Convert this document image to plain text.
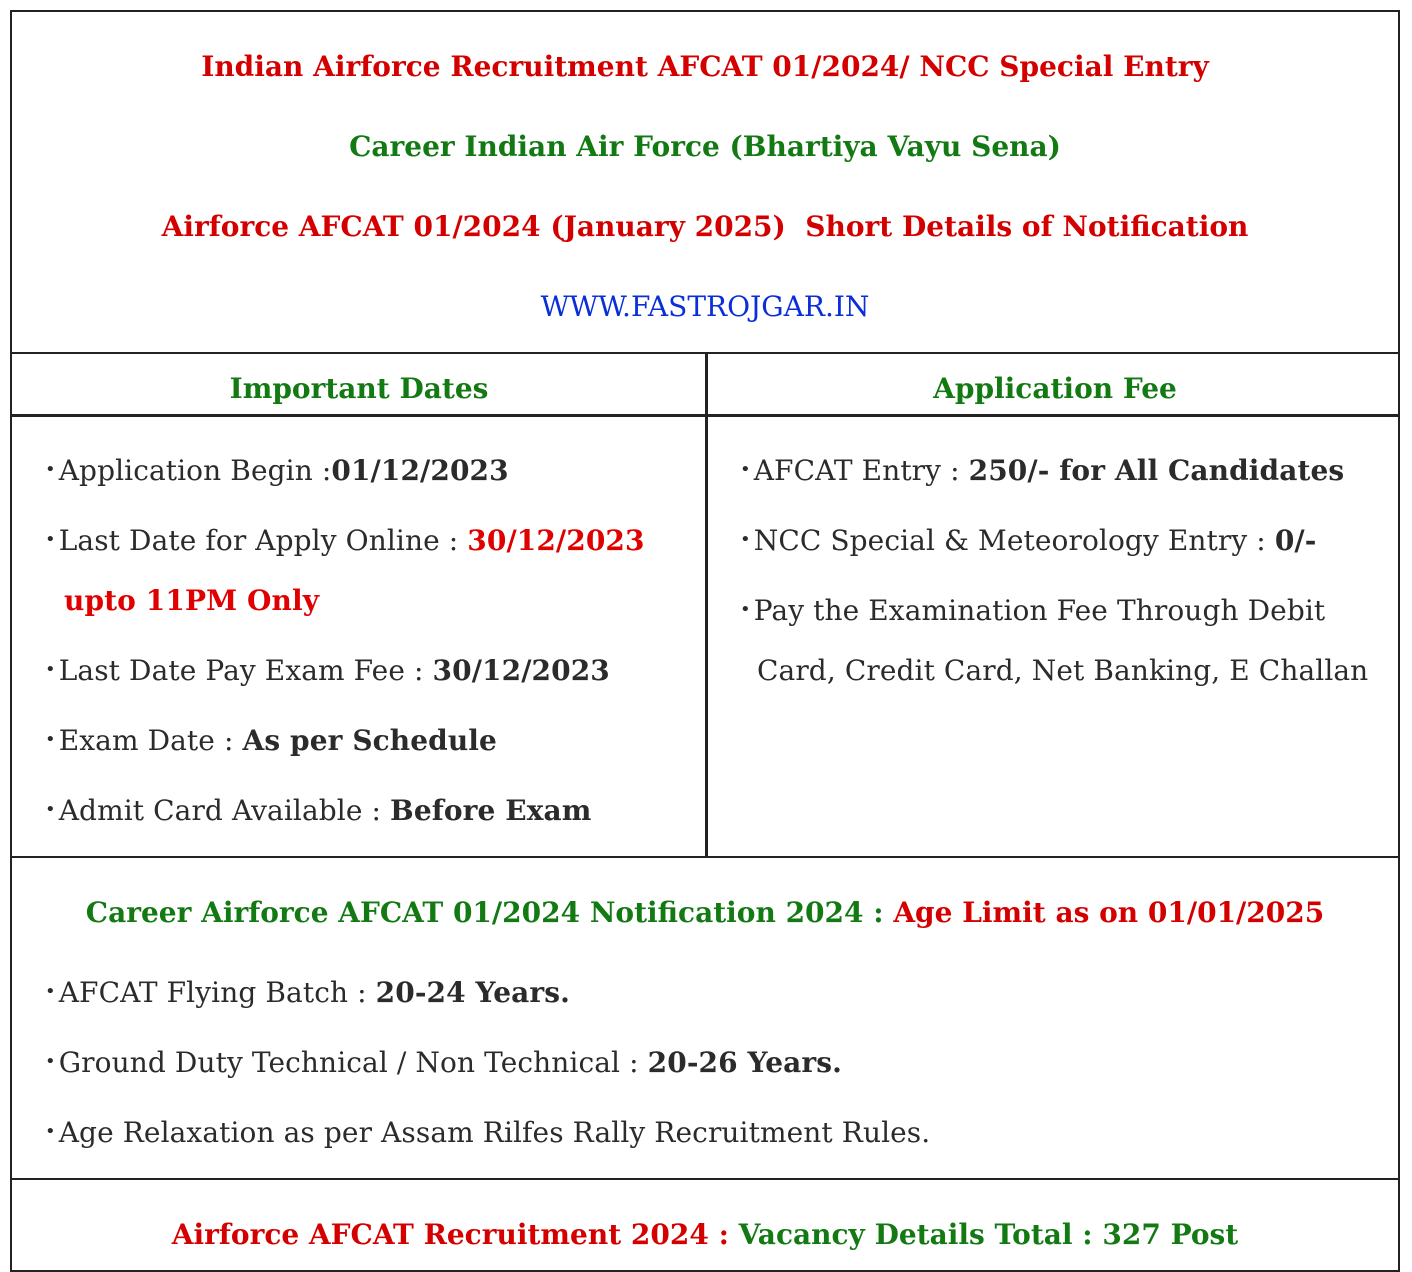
Indian Airforce Recruitment AFCAT 01/2024/ NCC Special Entry
Career Indian Air Force (Bhartiya Vayu Sena)
Airforce AFCAT 01/2024 (January 2025)  Short Details of Notification
WWW.FASTROJGAR.IN
Important Dates	Application Fee
• Application Begin :01/12/2023
• Last Date for Apply Online : 30/12/2023
upto 11PM Only
• Last Date Pay Exam Fee : 30/12/2023
• Exam Date : As per Schedule
• Admit Card Available : Before Exam
• AFCAT Entry : 250/- for All Candidates
• NCC Special & Meteorology Entry : 0/-
• Pay the Examination Fee Through Debit
Card, Credit Card, Net Banking, E Challan
Career Airforce AFCAT 01/2024 Notification 2024 : Age Limit as on 01/01/2025
• AFCAT Flying Batch : 20-24 Years.
• Ground Duty Technical / Non Technical : 20-26 Years.
• Age Relaxation as per Assam Rilfes Rally Recruitment Rules.
Airforce AFCAT Recruitment 2024 : Vacancy Details Total : 327 Post
